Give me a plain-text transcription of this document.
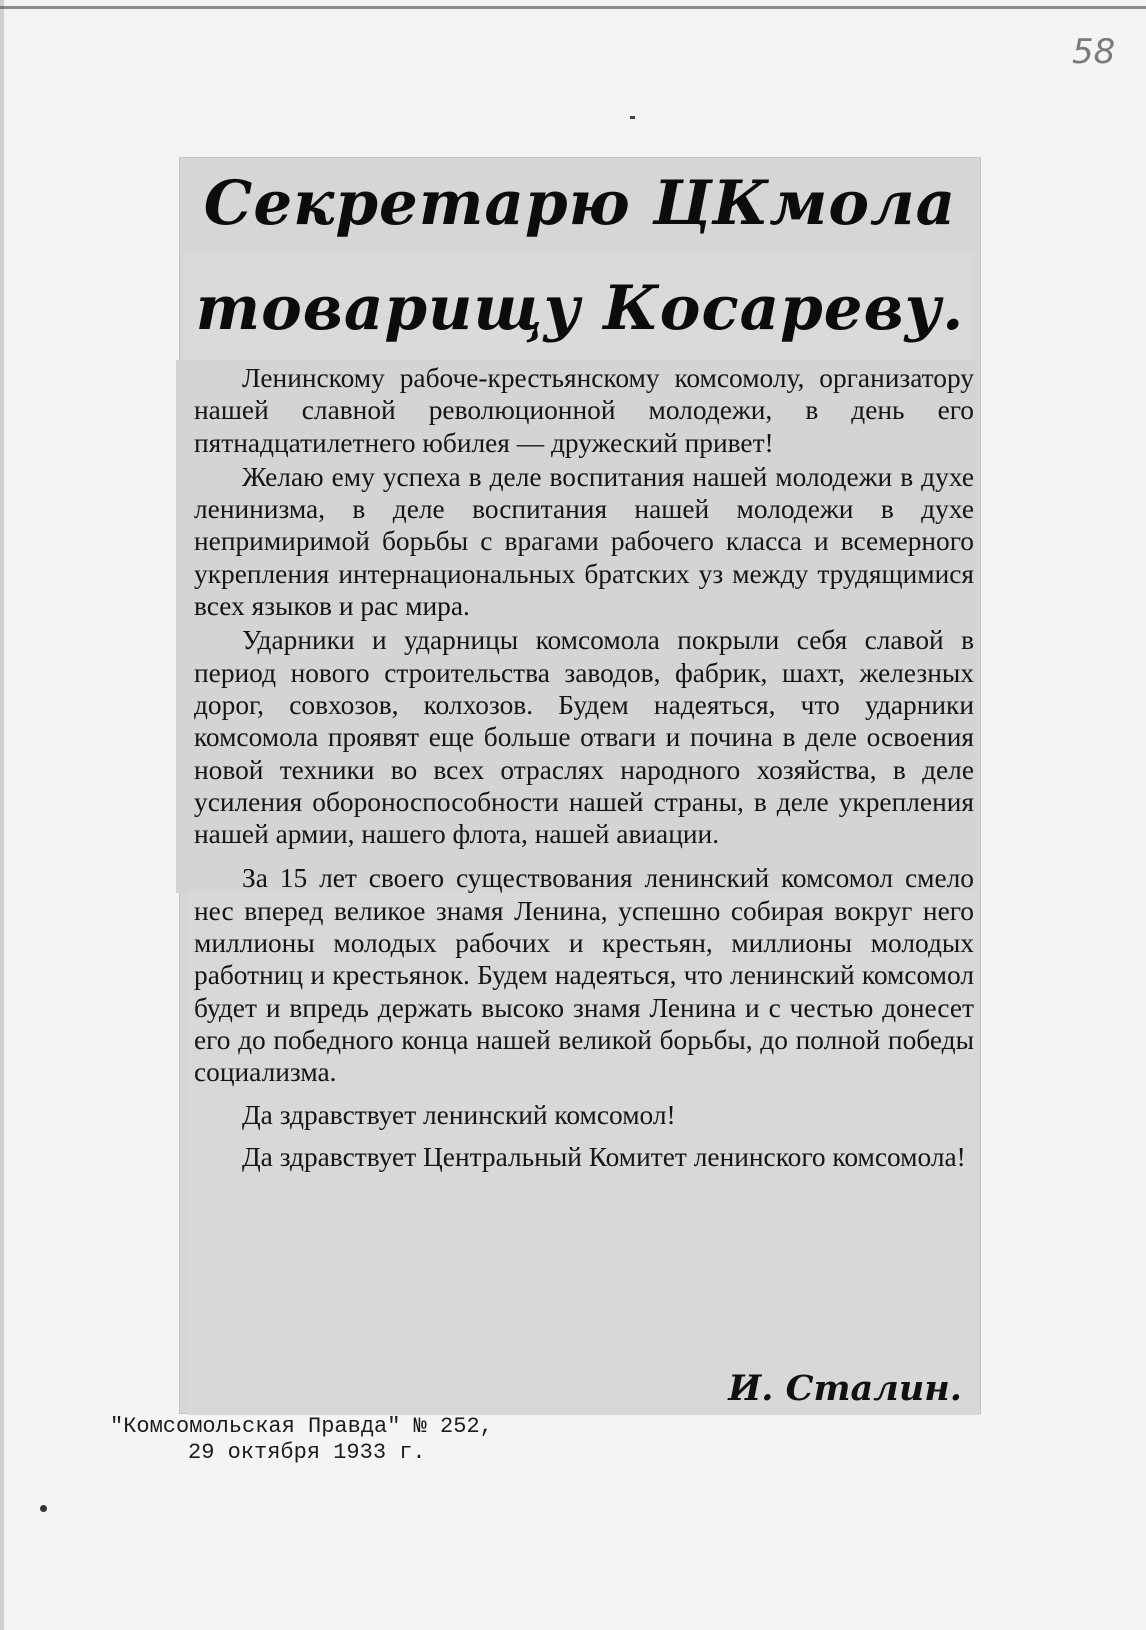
58
Секретарю ЦКмола
товарищу Косареву.

Ленинскому рабоче-крестьянскому комсомолу, организатору нашей славной революционной молодежи, в день его пятнадцатилетнего юбилея — дружеский привет!

Желаю ему успеха в деле воспитания нашей молодежи в духе ленинизма, в деле воспитания нашей молодежи в духе непримиримой борьбы с врагами рабочего класса и всемерного укрепления интернациональных братских уз между трудящимися всех языков и рас мира.

Ударники и ударницы комсомола покрыли себя славой в период нового строительства заводов, фабрик, шахт, железных дорог, совхозов, колхозов. Будем надеяться, что ударники комсомола проявят еще больше отваги и почина в деле освоения новой техники во всех отраслях народного хозяйства, в деле усиления обороноспособности нашей страны, в деле укрепления нашей армии, нашего флота, нашей авиации.

За 15 лет своего существования ленинский комсомол смело нес вперед великое знамя Ленина, успешно собирая вокруг него миллионы молодых рабочих и крестьян, миллионы молодых работниц и крестьянок. Будем надеяться, что ленинский комсомол будет и впредь держать высоко знамя Ленина и с честью донесет его до победного конца нашей великой борьбы, до полной победы социализма.

Да здравствует ленинский комсомол!

Да здравствует Центральный Комитет ленинского комсомола!

И. Сталин.
"Комсомольская Правда" № 252,
29 октября 1933 г.
